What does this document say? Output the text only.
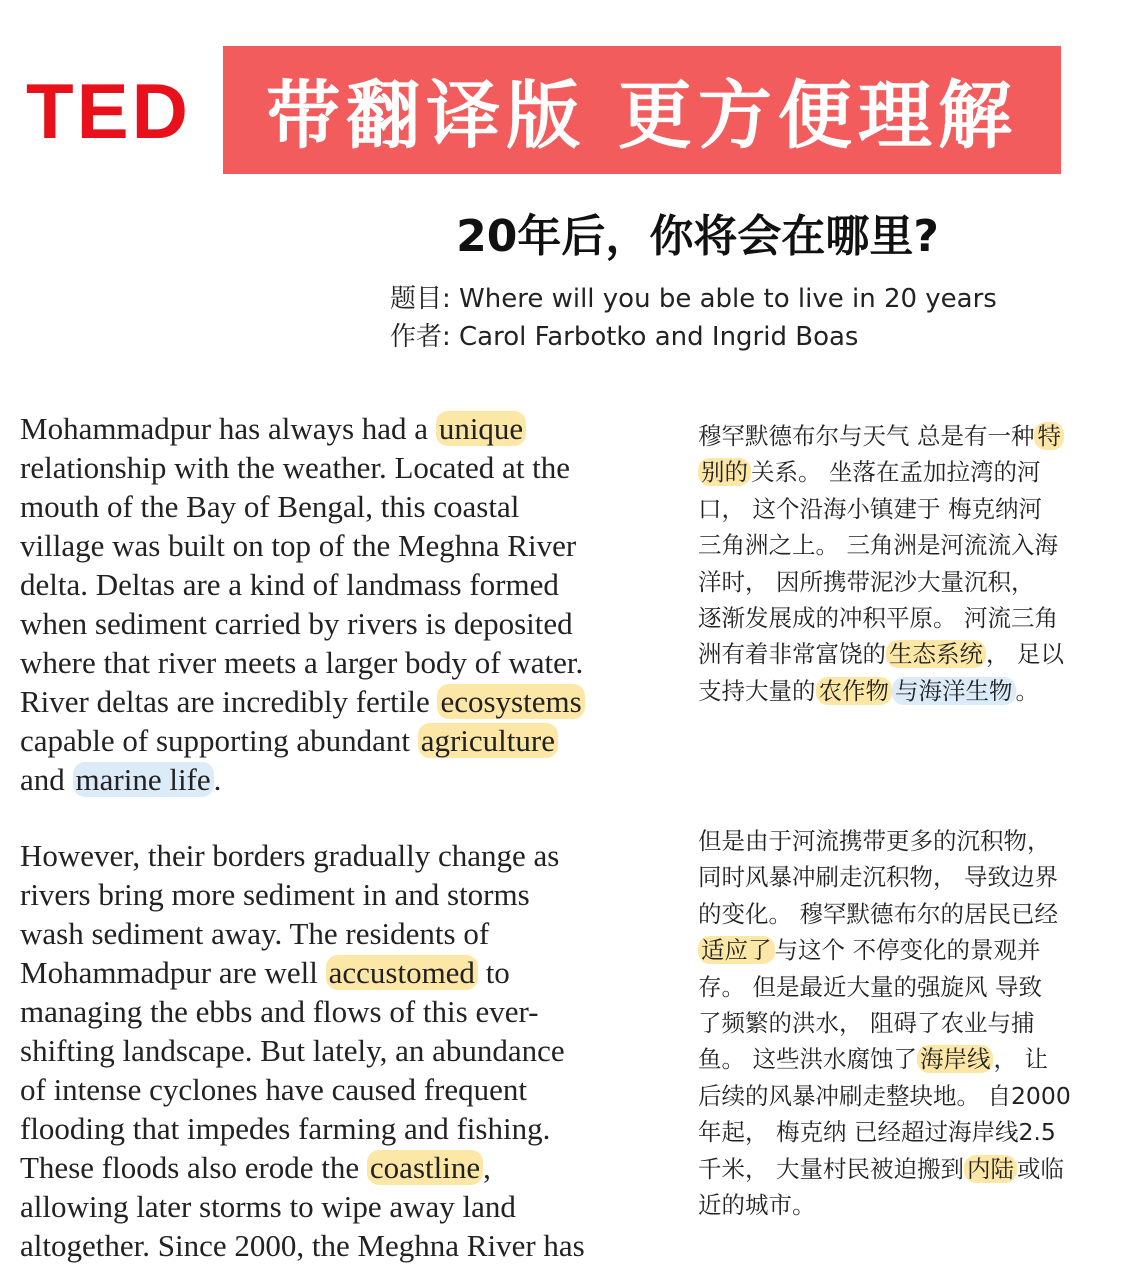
TED	带翻译版 更方便理解
20年后，你将会在哪里?
题目: Where will you be able to live in 20 years
作者: Carol Farbotko and Ingrid Boas
Mohammadpur has always had a unique
relationship with the weather. Located at the
mouth of the Bay of Bengal, this coastal
village was built on top of the Meghna River
delta. Deltas are a kind of landmass formed
when sediment carried by rivers is deposited
where that river meets a larger body of water.
River deltas are incredibly fertile ecosystems
capable of supporting abundant agriculture
and marine life.
However, their borders gradually change as
rivers bring more sediment in and storms
wash sediment away. The residents of
Mohammadpur are well accustomed to
managing the ebbs and flows of this ever-
shifting landscape. But lately, an abundance
of intense cyclones have caused frequent
flooding that impedes farming and fishing.
These floods also erode the coastline,
allowing later storms to wipe away land
altogether. Since 2000, the Meghna River has
穆罕默德布尔与天气 总是有一种 特
别的 关系。 坐落在孟加拉湾的河
口， 这个沿海小镇建于 梅克纳河
三角洲之上。 三角洲是河流流入海
洋时， 因所携带泥沙大量沉积，
逐渐发展成的冲积平原。 河流三角
洲有着非常富饶的 生态系统 ， 足以
支持大量的 农作物 与海洋生物 。
但是由于河流携带更多的沉积物，
同时风暴冲刷走沉积物， 导致边界
的变化。 穆罕默德布尔的居民已经
适应了 与这个 不停变化的景观并
存。 但是最近大量的强旋风 导致
了频繁的洪水， 阻碍了农业与捕
鱼。 这些洪水腐蚀了 海岸线 ， 让
后续的风暴冲刷走整块地。 自2000
年起， 梅克纳 已经超过海岸线2.5
千米， 大量村民被迫搬到 内陆 或临
近的城市。
